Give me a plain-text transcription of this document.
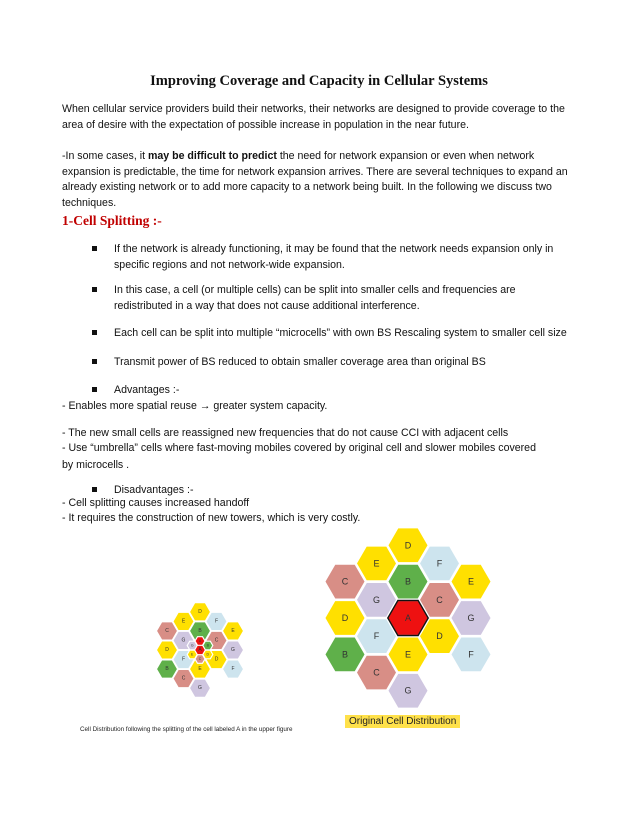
Improving Coverage and Capacity in Cellular Systems

When cellular service providers build their networks, their networks are designed to provide coverage to the area of desire with the expectation of possible increase in population in the near future.

-In some cases, it may be difficult to predict the need for network expansion or even when network expansion is predictable, the time for network expansion arrives. There are several techniques to expand an already existing network or to add more capacity to a network being built. In the following we discuss two techniques.

1-Cell Splitting :-
If the network is already functioning, it may be found that the network needs expansion only in specific regions and not network-wide expansion.
In this case, a cell (or multiple cells) can be split into smaller cells and frequencies are redistributed in a way that does not cause additional interference.
Each cell can be split into multiple “microcells” with own BS Rescaling system to smaller cell size
Transmit power of BS reduced to obtain smaller coverage area than original BS
Advantages :-
- Enables more spatial reuse → greater system capacity.
- The new small cells are reassigned new frequencies that do not cause CCI with adjacent cells
- Use “umbrella” cells where fast-moving mobiles covered by original cell and slower mobiles covered
by microcells .
Disadvantages :-
- Cell splitting causes increased handoff
- It requires the construction of new towers, which is very costly.
D
E	F
C	B	E
G	C
D	A	G
F	D
B	E	F
C
G
A
B
D
C
E
G
D
E	F
C	B	E
G	C
D	A	G
F	D
B	E	F
C
G
Cell Distribution following the splitting of the cell labeled A in the upper figure
Original Cell Distribution
